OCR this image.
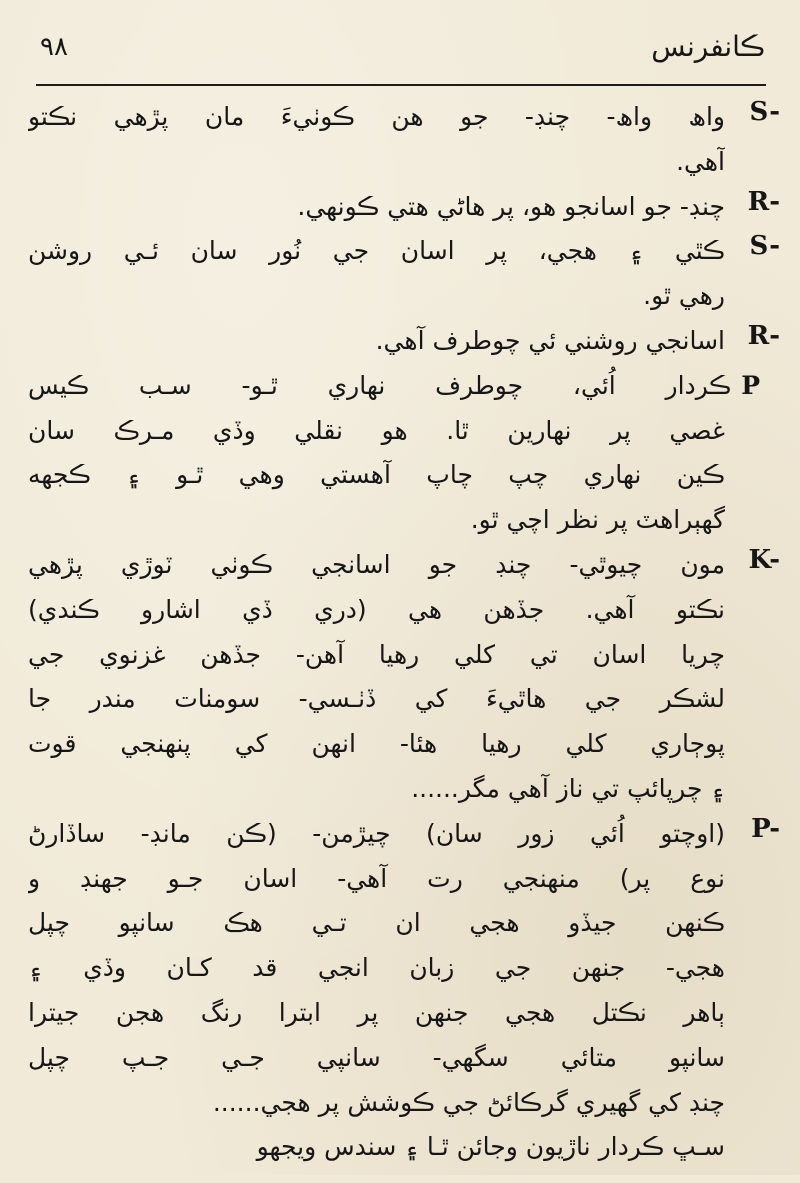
٩٨	ڪانفرنس
S-
واھ واھ- چنڊ- جو ھن ڪوٺيءَ مان پڙهي نڪتو
آهي.
R-
چنڊ- جو اسانجو هو، پر هاڻي هتي ڪونهي.
S-
ڪٿي ۽ هجي، پر اسان جي نُور سان ئـي روشن
رهي ٿو.
R-
اسانجي روشني ئي چوطرف آهي.
Pڪردار اُئي، چوطرف نهاري ٿـو- سـب ڪيس
غصي پر نهارين ٿا. هو نقلي وڏي مـرڪ سان
ڪين نهاري چپ چاپ آهستي وهي ٿـو ۽ ڪجهه
گهٻراهٽ پر نظر اچي ٿو.
K-
مون چيوٿي- چنڊ جو اسانجي ڪوٺي ٽوڙي پڙهي
نڪتو آهي. جڏهن هي (دري ڏي اشارو ڪندي)
چريا اسان تي کلي رهيا آهن- جڏهن غزنوي جي
لشڪر جي هاٿيءَ کي ڏٺـسي- سومنات مندر جا
پوڄاري کلي رهيا هئا- انهن کي پنهنجي قوت
۽ چرپائپ تي ناز آهي مگر......
P-
(اوچتو اُئي زور سان) چيڙمن- (ڪن مانڊ- ساڏارڻ
نوع پر) منهنجي رت آهي- اسان جـو جهنڊ و
ڪنهن جيڏو هجي ان تـي هڪ سانپو چپل
هجي- جنهن جي زبان انجي قد کـان وڏي ۽
ٻاهر نڪتل هجي جنهن پر ابترا رنگ هجن جيترا
سانپو متائي سگهي- سانپي جـي جـپ چپل
چنڊ کي گهيري گرڪائڻ جي ڪوشش پر هجي......
سـڀ ڪردار ناڙيون وجائن ٿـا ۽ سندس ويجهو
